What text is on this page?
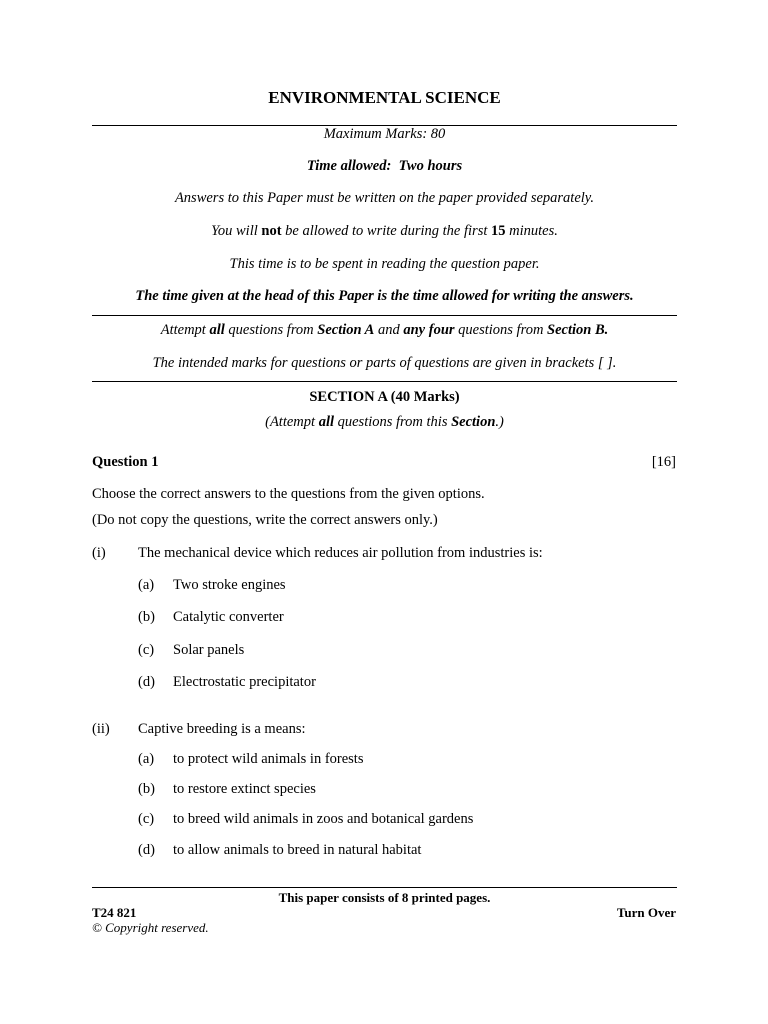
ENVIRONMENTAL SCIENCE
Maximum Marks: 80
Time allowed: Two hours
Answers to this Paper must be written on the paper provided separately.
You will not be allowed to write during the first 15 minutes.
This time is to be spent in reading the question paper.
The time given at the head of this Paper is the time allowed for writing the answers.
Attempt all questions from Section A and any four questions from Section B.
The intended marks for questions or parts of questions are given in brackets [ ].
SECTION A (40 Marks)
(Attempt all questions from this Section.)
Question 1	[16]
Choose the correct answers to the questions from the given options.
(Do not copy the questions, write the correct answers only.)
(i) The mechanical device which reduces air pollution from industries is:
(a) Two stroke engines
(b) Catalytic converter
(c) Solar panels
(d) Electrostatic precipitator
(ii) Captive breeding is a means:
(a) to protect wild animals in forests
(b) to restore extinct species
(c) to breed wild animals in zoos and botanical gardens
(d) to allow animals to breed in natural habitat
This paper consists of 8 printed pages.
T24 821	Turn Over
© Copyright reserved.
